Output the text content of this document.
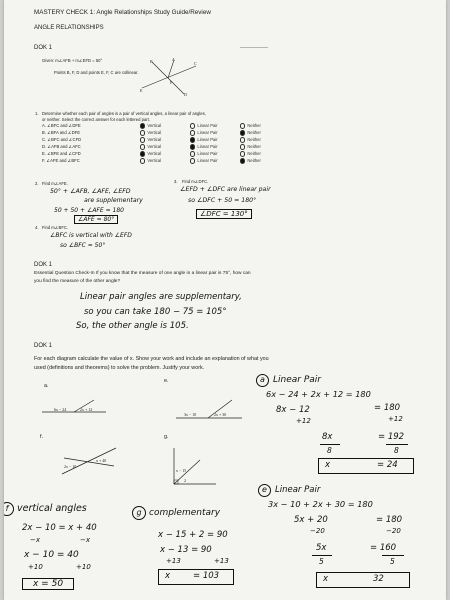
MASTERY CHECK 1: Angle Relationships Study Guide/Review
ANGLE RELATIONSHIPS
DOK 1	____________
Given: m∠AFB + m∠EFD = 50°
Points B, F, D and points E, F, C are collinear.
A
B	C
D
E
F
1. Determine whether each pair of angles is a pair of vertical angles, a linear pair of angles,
or neither. Select the correct answer for each lettered part.
A. ∠BFC and ∠DFE	Vertical	Linear Pair	Neither
B. ∠BFA and ∠DFE	Vertical	Linear Pair	Neither
C. ∠BFC and ∠CFD	Vertical	Linear Pair	Neither
D. ∠AFB and ∠AFC	Vertical	Linear Pair	Neither
E. ∠BFE and ∠CFD	Vertical	Linear Pair	Neither
F. ∠AFE and ∠BFC	Vertical	Linear Pair	Neither
2. Find m∠AFE.
50° + ∠AFB, ∠AFE, ∠EFD
are supplementary
50 + 50 + ∠AFE = 180
∠AFE = 80°
3. Find m∠DFC.
∠EFD + ∠DFC are linear pair
so ∠DFC + 50 = 180°
∠DFC = 130°
4. Find m∠BFC.
∠BFC is vertical with ∠EFD
so ∠BFC = 50°
DOK 1
Essential Question Check-In If you know that the measure of one angle in a linear pair is 75°, how can
you find the measure of the other angle?
Linear pair angles are supplementary,
so you can take 180 − 75 = 105°
So, the other angle is 105.
DOK 1
For each diagram calculate the value of x. Show your work and include an explanation of what you
used (definitions and theorems) to solve the problem. Justify your work.
a.
e.
f.	g.
6x − 24	2x + 12
3x − 10	2x + 30
2x − 10
x + 40
x − 15
2
a Linear Pair
6x − 24 + 2x + 12 = 180
8x − 12	= 180
+12	+12
8x	= 192
8	8
x	= 24
e Linear Pair
3x − 10 + 2x + 30 = 180
5x + 20	= 180
−20	−20
5x	= 160
5	5
x	32
f vertical angles
2x − 10 = x + 40
−x	−x
x − 10 = 40
+10	+10
x = 50
g complementary
x − 15 + 2 = 90
x − 13 = 90
+13	+13
x	= 103
